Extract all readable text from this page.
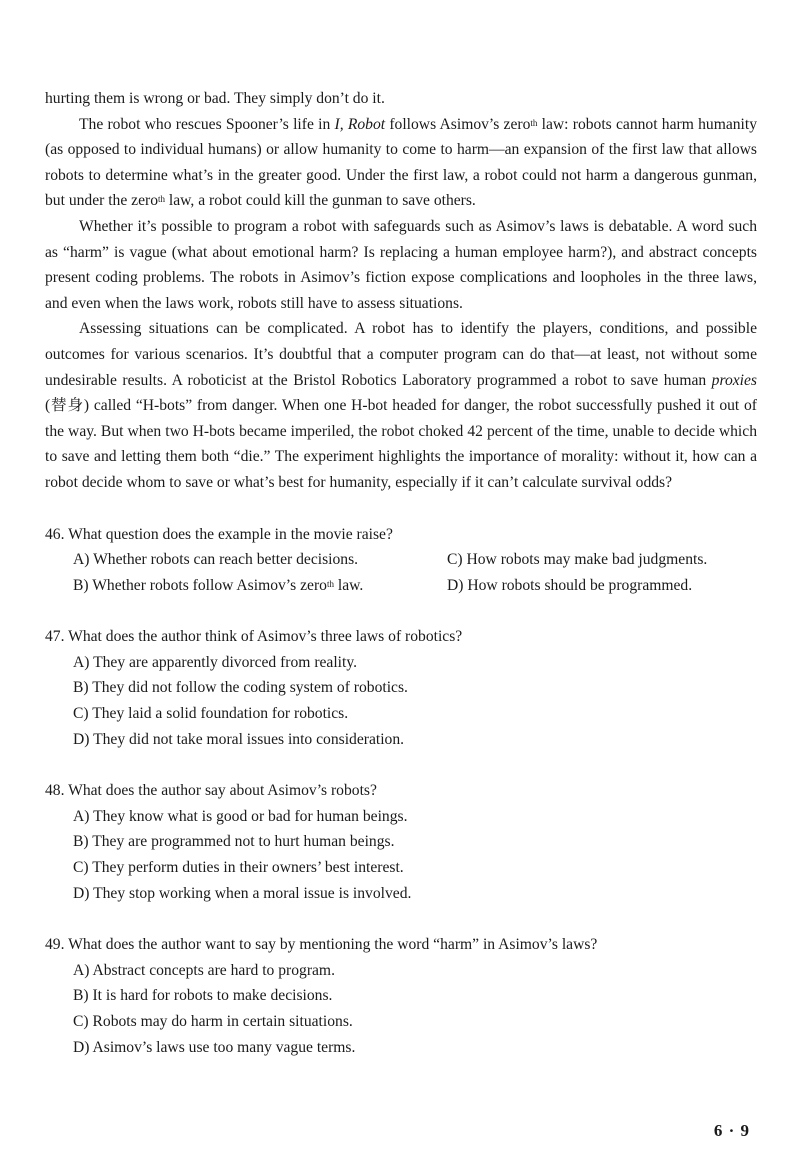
hurting them is wrong or bad. They simply don’t do it.

The robot who rescues Spooner’s life in I, Robot follows Asimov’s zero$^{th}$ law: robots cannot harm humanity (as opposed to individual humans) or allow humanity to come to harm—an expansion of the first law that allows robots to determine what’s in the greater good. Under the first law, a robot could not harm a dangerous gunman, but under the zero$^{th}$ law, a robot could kill the gunman to save others.

Whether it’s possible to program a robot with safeguards such as Asimov’s laws is debatable. A word such as “harm” is vague (what about emotional harm? Is replacing a human employee harm?), and abstract concepts present coding problems. The robots in Asimov’s fiction expose complications and loopholes in the three laws, and even when the laws work, robots still have to assess situations.

Assessing situations can be complicated. A robot has to identify the players, conditions, and possible outcomes for various scenarios. It’s doubtful that a computer program can do that—at least, not without some undesirable results. A roboticist at the Bristol Robotics Laboratory programmed a robot to save human proxies (替身) called “H-bots” from danger. When one H-bot headed for danger, the robot successfully pushed it out of the way. But when two H-bots became imperiled, the robot choked 42 percent of the time, unable to decide which to save and letting them both “die.” The experiment highlights the importance of morality: without it, how can a robot decide whom to save or what’s best for humanity, especially if it can’t calculate survival odds?

46. What question does the example in the movie raise?

A) Whether robots can reach better decisions.	C) How robots may make bad judgments.
B) Whether robots follow Asimov’s zero$^{th}$ law.	D) How robots should be programmed.

47. What does the author think of Asimov’s three laws of robotics?

A) They are apparently divorced from reality.

B) They did not follow the coding system of robotics.

C) They laid a solid foundation for robotics.

D) They did not take moral issues into consideration.

48. What does the author say about Asimov’s robots?

A) They know what is good or bad for human beings.

B) They are programmed not to hurt human beings.

C) They perform duties in their owners’ best interest.

D) They stop working when a moral issue is involved.

49. What does the author want to say by mentioning the word “harm” in Asimov’s laws?

A) Abstract concepts are hard to program.

B) It is hard for robots to make decisions.

C) Robots may do harm in certain situations.

D) Asimov’s laws use too many vague terms.

6 · 9
